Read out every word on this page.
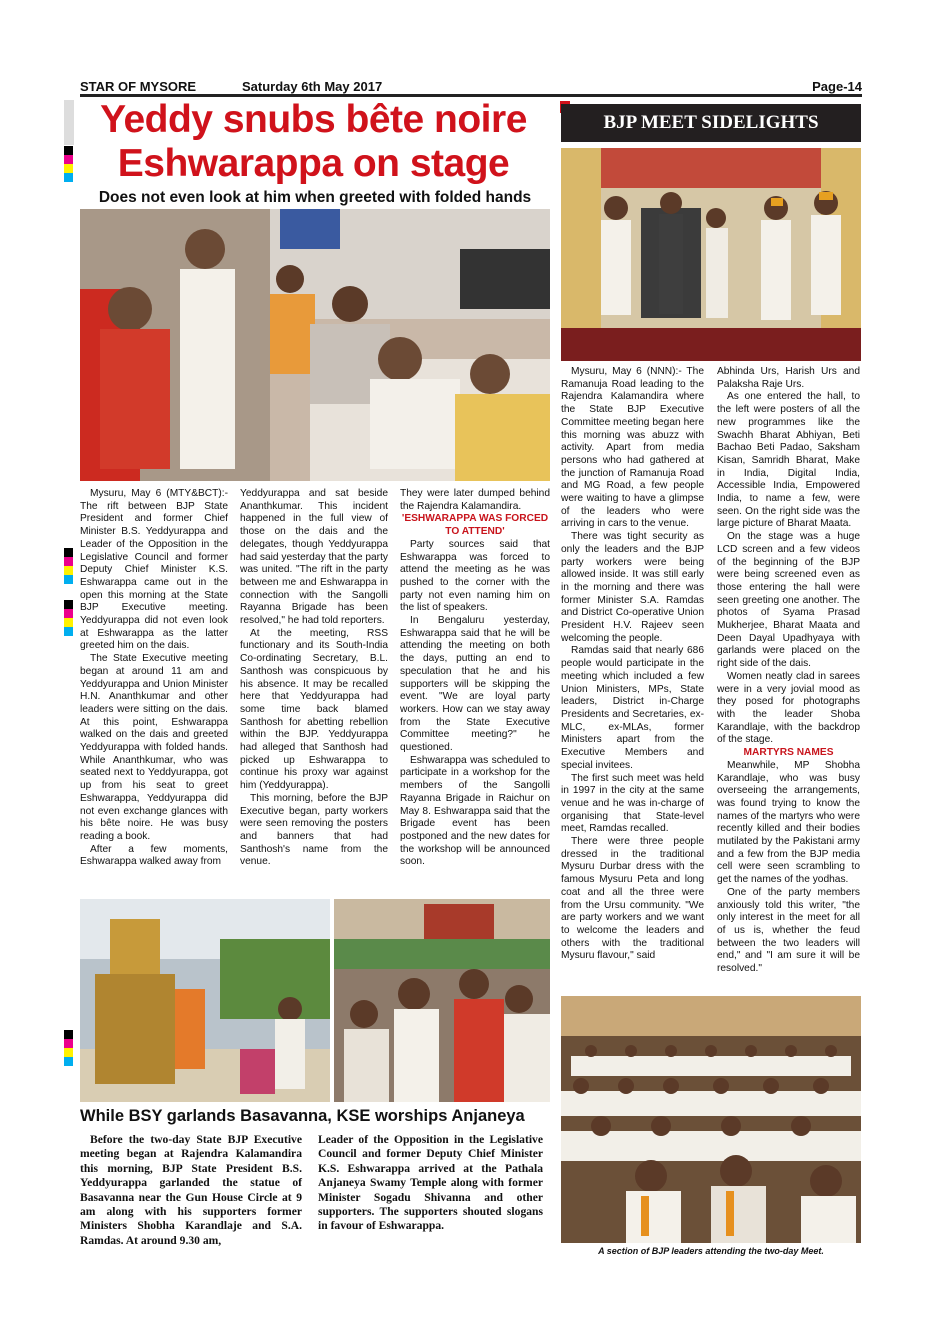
STAR OF MYSORE	Saturday 6th May 2017	Page-14
Yeddy snubs bête noire
Eshwarappa on stage
Does not even look at him when greeted with folded hands

Mysuru, May 6 (MTY&BCT):- The rift between BJP State President and former Chief Minister B.S. Yeddyurappa and Leader of the Opposition in the Legislative Council and former Deputy Chief Minister K.S. Eshwarappa came out in the open this morning at the State BJP Executive meeting. Yeddyurappa did not even look at Eshwarappa as the latter greeted him on the dais.

The State Executive meeting began at around 11 am and Yeddyurappa and Union Minister H.N. Ananthkumar and other leaders were sitting on the dais. At this point, Eshwarappa walked on the dais and greeted Yeddyurappa with folded hands. While Ananthkumar, who was seated next to Yeddyurappa, got up from his seat to greet Eshwarappa, Yeddyurappa did not even exchange glances with his bête noire. He was busy reading a book.

After a few moments, Eshwarappa walked away from

Yeddyurappa and sat beside Ananthkumar. This incident happened in the full view of those on the dais and the delegates, though Yeddyurappa had said yesterday that the party was united. "The rift in the party between me and Eshwarappa in connection with the Sangolli Rayanna Brigade has been resolved," he had told reporters.

At the meeting, RSS functionary and its South-India Co-ordinating Secretary, B.L. Santhosh was conspicuous by his absence. It may be recalled here that Yeddyurappa had some time back blamed Santhosh for abetting rebellion within the BJP. Yeddyurappa had alleged that Santhosh had picked up Eshwarappa to continue his proxy war against him (Yeddyurappa).

This morning, before the BJP Executive began, party workers were seen removing the posters and banners that had Santhosh's name from the venue.

They were later dumped behind the Rajendra Kalamandira.

'ESHWARAPPA WAS FORCED TO ATTEND'

Party sources said that Eshwarappa was forced to attend the meeting as he was pushed to the corner with the party not even naming him on the list of speakers.

In Bengaluru yesterday, Eshwarappa said that he will be attending the meeting on both the days, putting an end to speculation that he and his supporters will be skipping the event. "We are loyal party workers. How can we stay away from the State Executive Committee meeting?" he questioned.

Eshwarappa was scheduled to participate in a workshop for the members of the Sangolli Rayanna Brigade in Raichur on May 8. Eshwarappa said that the Brigade event has been postponed and the new dates for the workshop will be announced soon.

While BSY garlands Basavanna, KSE worships Anjaneya

Before the two-day State BJP Executive meeting began at Rajendra Kalamandira this morning, BJP State President B.S. Yeddyurappa garlanded the statue of Basavanna near the Gun House Circle at 9 am along with his supporters former Ministers Shobha Karandlaje and S.A. Ramdas. At around 9.30 am,

Leader of the Opposition in the Legislative Council and former Deputy Chief Minister K.S. Eshwarappa arrived at the Pathala Anjaneya Swamy Temple along with former Minister Sogadu Shivanna and other supporters. The supporters shouted slogans in favour of Eshwarappa.

BJP MEET SIDELIGHTS

Mysuru, May 6 (NNN):- The Ramanuja Road leading to the Rajendra Kalamandira where the State BJP Executive Committee meeting began here this morning was abuzz with activity. Apart from media persons who had gathered at the junction of Ramanuja Road and MG Road, a few people were waiting to have a glimpse of the leaders who were arriving in cars to the venue.

There was tight security as only the leaders and the BJP party workers were being allowed inside. It was still early in the morning and there was former Minister S.A. Ramdas and District Co-operative Union President H.V. Rajeev seen welcoming the people.

Ramdas said that nearly 686 people would participate in the meeting which included a few Union Ministers, MPs, State leaders, District in-Charge Presidents and Secretaries, ex-MLC, ex-MLAs, former Ministers apart from the Executive Members and special invitees.

The first such meet was held in 1997 in the city at the same venue and he was in-charge of organising that State-level meet, Ramdas recalled.

There were three people dressed in the traditional Mysuru Durbar dress with the famous Mysuru Peta and long coat and all the three were from the Ursu community. "We are party workers and we want to welcome the leaders and others with the traditional Mysuru flavour," said

Abhinda Urs, Harish Urs and Palaksha Raje Urs.

As one entered the hall, to the left were posters of all the new programmes like the Swachh Bharat Abhiyan, Beti Bachao Beti Padao, Saksham Kisan, Samridh Bharat, Make in India, Digital India, Accessible India, Empowered India, to name a few, were seen. On the right side was the large picture of Bharat Maata.

On the stage was a huge LCD screen and a few videos of the beginning of the BJP were being screened even as those entering the hall were seen greeting one another. The photos of Syama Prasad Mukherjee, Bharat Maata and Deen Dayal Upadhyaya with garlands were placed on the right side of the dais.

Women neatly clad in sarees were in a very jovial mood as they posed for photographs with the leader Shoba Karandlaje, with the backdrop of the stage.

MARTYRS NAMES

Meanwhile, MP Shobha Karandlaje, who was busy overseeing the arrangements, was found trying to know the names of the martyrs who were recently killed and their bodies mutilated by the Pakistani army and a few from the BJP media cell were seen scrambling to get the names of the yodhas.

One of the party members anxiously told this writer, "the only interest in the meet for all of us is, whether the feud between the two leaders will end," and "I am sure it will be resolved."

A section of BJP leaders attending the two-day Meet.
